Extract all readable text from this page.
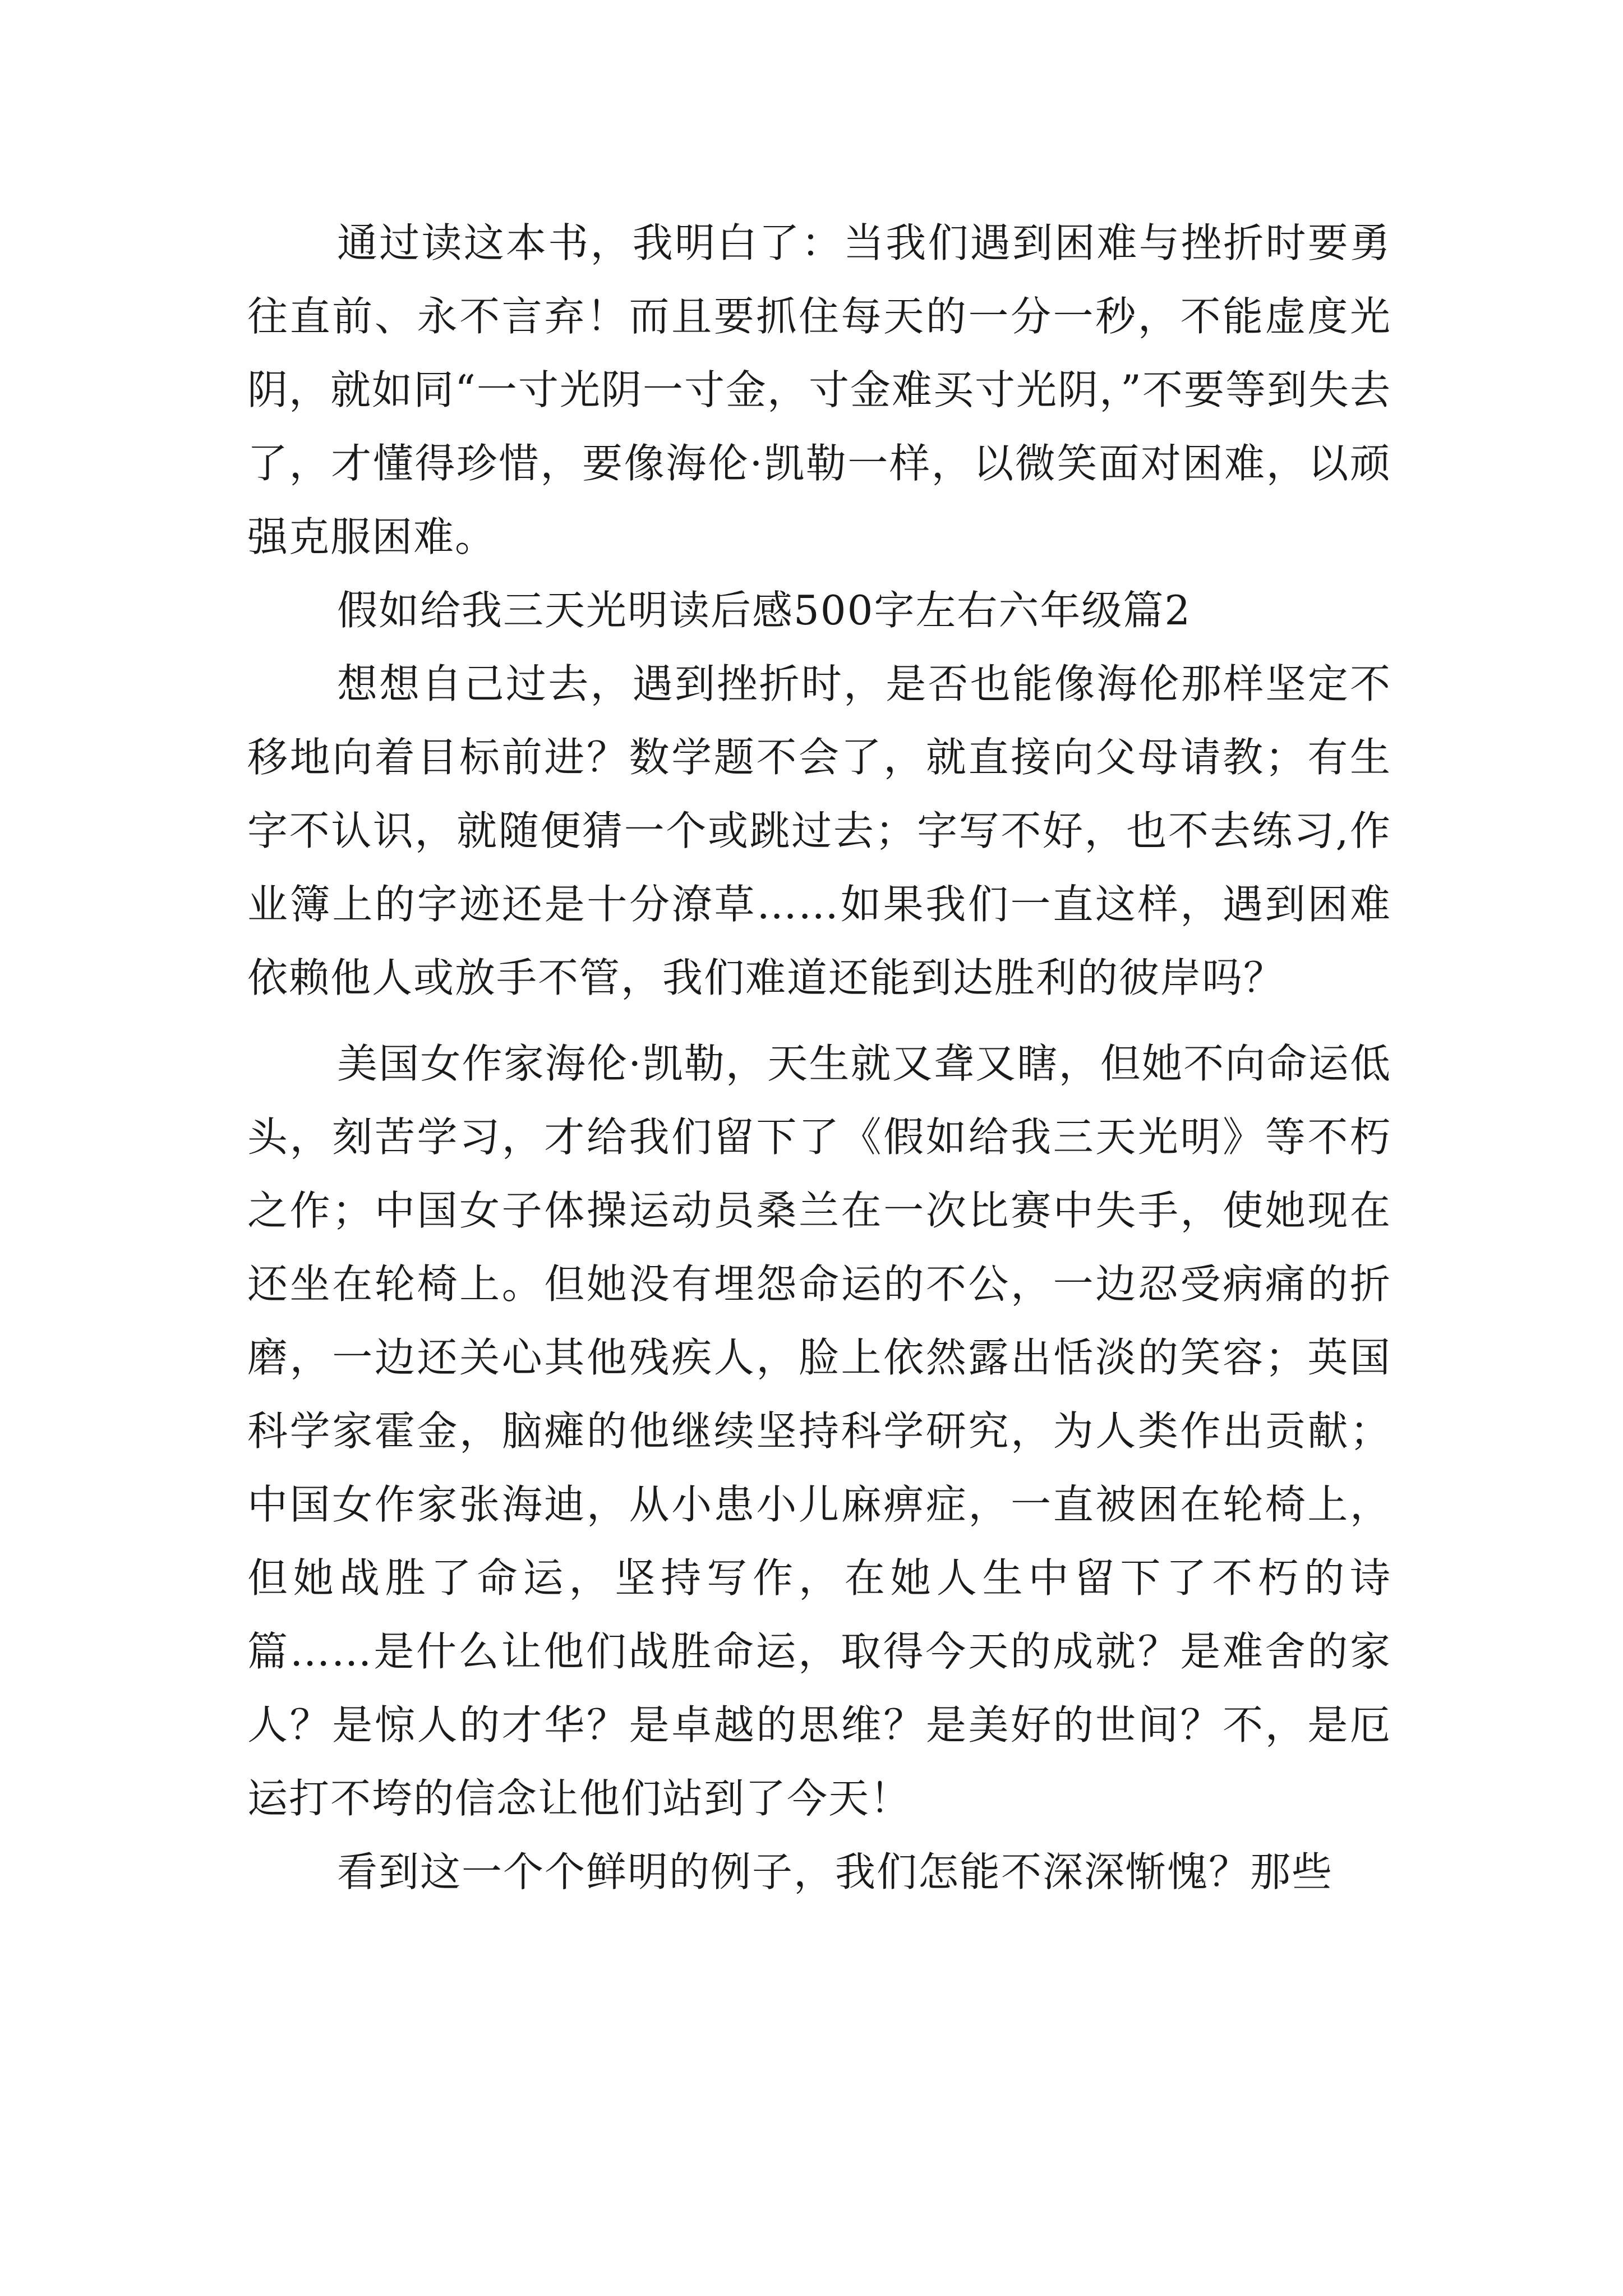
通过读这本书，我明白了：当我们遇到困难与挫折时要勇往直前、永不言弃！而且要抓住每天的一分一秒，不能虚度光阴，就如同“一寸光阴一寸金，寸金难买寸光阴，”不要等到失去了，才懂得珍惜，要像海伦·凯勒一样，以微笑面对困难，以顽强克服困难。

假如给我三天光明读后感500字左右六年级篇2

想想自己过去，遇到挫折时，是否也能像海伦那样坚定不移地向着目标前进？数学题不会了，就直接向父母请教；有生字不认识，就随便猜一个或跳过去；字写不好，也不去练习,作业簿上的字迹还是十分潦草……如果我们一直这样，遇到困难依赖他人或放手不管，我们难道还能到达胜利的彼岸吗？

美国女作家海伦·凯勒，天生就又聋又瞎，但她不向命运低头，刻苦学习，才给我们留下了《假如给我三天光明》等不朽之作；中国女子体操运动员桑兰在一次比赛中失手，使她现在还坐在轮椅上。但她没有埋怨命运的不公，一边忍受病痛的折磨，一边还关心其他残疾人，脸上依然露出恬淡的笑容；英国科学家霍金，脑瘫的他继续坚持科学研究，为人类作出贡献；中国女作家张海迪，从小患小儿麻痹症，一直被困在轮椅上，但她战胜了命运，坚持写作，在她人生中留下了不朽的诗篇……是什么让他们战胜命运，取得今天的成就？是难舍的家人？是惊人的才华？是卓越的思维？是美好的世间？不，是厄运打不垮的信念让他们站到了今天！

看到这一个个鲜明的例子，我们怎能不深深惭愧？那些
